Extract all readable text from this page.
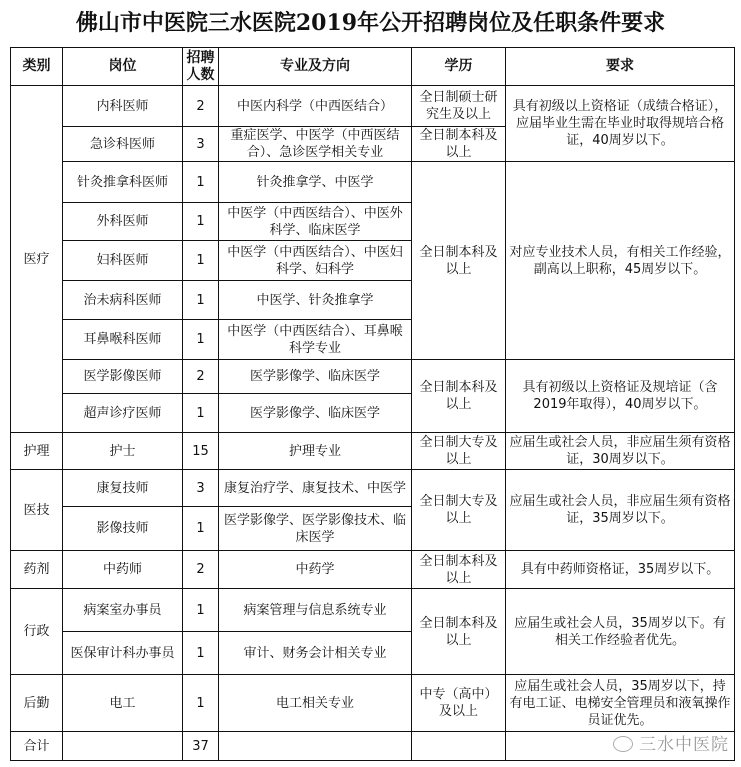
佛山市中医院三水医院2019年公开招聘岗位及任职条件要求
类别	岗位	招聘人数	专业及方向	学历	要求
医疗	内科医师	2	中医内科学（中西医结合）	全日制硕士研究生及以上	具有初级以上资格证（成绩合格证），应届毕业生需在毕业时取得规培合格证，40周岁以下。
	急诊科医师	3	重症医学、中医学（中西医结合）、急诊医学相关专业	全日制本科及以上	
	针灸推拿科医师	1	针灸推拿学、中医学	全日制本科及以上	对应专业技术人员，有相关工作经验，副高以上职称，45周岁以下。
	外科医师	1	中医学（中西医结合）、中医外科学、临床医学		
	妇科医师	1	中医学（中西医结合）、中医妇科学、妇科学		
	治未病科医师	1	中医学、针灸推拿学		
	耳鼻喉科医师	1	中医学（中西医结合）、耳鼻喉科学专业		
	医学影像医师	2	医学影像学、临床医学	全日制本科及以上	具有初级以上资格证及规培证（含2019年取得），40周岁以下。
	超声诊疗医师	1	医学影像学、临床医学		
护理	护士	15	护理专业	全日制大专及以上	应届生或社会人员，非应届生须有资格证，30周岁以下。
医技	康复技师	3	康复治疗学、康复技术、中医学	全日制大专及以上	应届生或社会人员，非应届生须有资格证，35周岁以下。
	影像技师	1	医学影像学、医学影像技术、临床医学		
药剂	中药师	2	中药学	全日制本科及以上	具有中药师资格证，35周岁以下。
行政	病案室办事员	1	病案管理与信息系统专业	全日制本科及以上	应届生或社会人员，35周岁以下。有相关工作经验者优先。
	医保审计科办事员	1	审计、财务会计相关专业		
后勤	电工	1	电工相关专业	中专（高中）及以上	应届生或社会人员，35周岁以下，持有电工证、电梯安全管理员和液氧操作员证优先。
合计		37				三水中医院
